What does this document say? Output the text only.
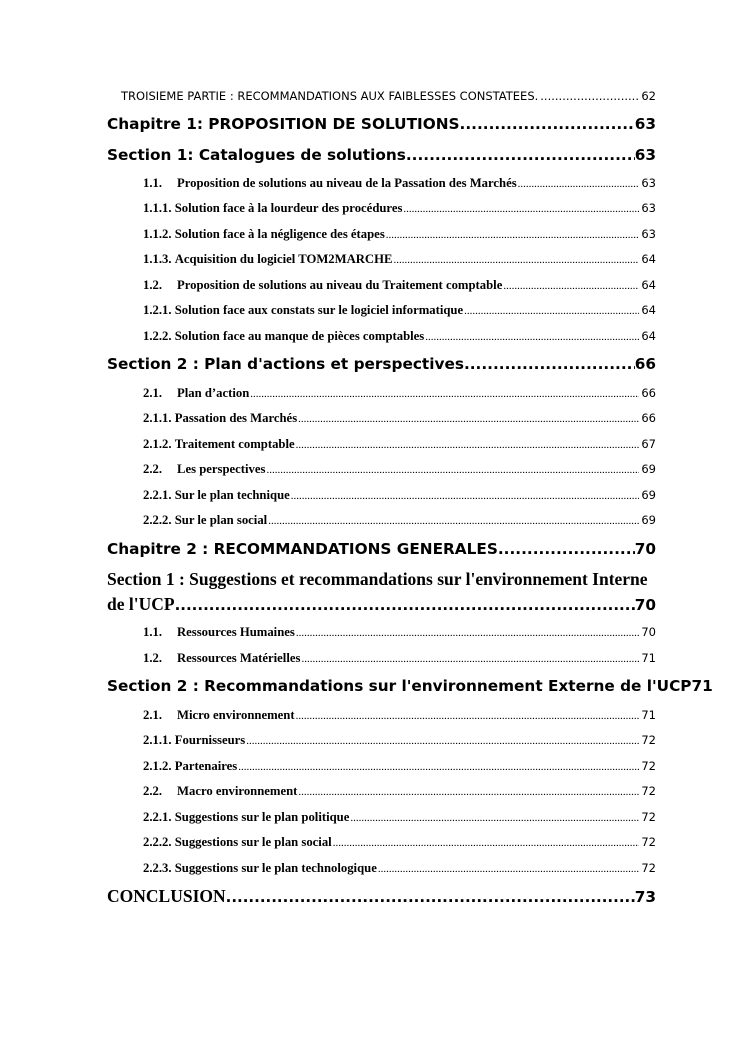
TROISIEME PARTIE : RECOMMANDATIONS AUX FAIBLESSES CONSTATEES. .....	62
Chapitre 1: PROPOSITION DE SOLUTIONS .....	63
Section 1: Catalogues de solutions .....	63
1.1. Proposition de solutions au niveau de la Passation des Marchés .....	63
1.1.1. Solution face à la lourdeur des procédures .....	63
1.1.2. Solution face à la négligence des étapes .....	63
1.1.3. Acquisition du logiciel TOM2MARCHE .....	64
1.2. Proposition de solutions au niveau du Traitement comptable .....	64
1.2.1. Solution face aux constats sur le logiciel informatique .....	64
1.2.2. Solution face au manque de pièces comptables .....	64
Section 2 : Plan d'actions et perspectives .....	66
2.1. Plan d’action .....	66
2.1.1. Passation des Marchés .....	66
2.1.2. Traitement comptable .....	67
2.2. Les perspectives .....	69
2.2.1. Sur le plan technique .....	69
2.2.2. Sur le plan social .....	69
Chapitre 2 : RECOMMANDATIONS GENERALES .....	70
Section 1 : Suggestions et recommandations sur l'environnement Interne
de l'UCP .....	70
1.1. Ressources Humaines .....	70
1.2. Ressources Matérielles .....	71
Section 2 : Recommandations sur l'environnement Externe de l'UCP 71
2.1. Micro environnement .....	71
2.1.1. Fournisseurs .....	72
2.1.2. Partenaires .....	72
2.2. Macro environnement .....	72
2.2.1. Suggestions sur le plan politique .....	72
2.2.2. Suggestions sur le plan social .....	72
2.2.3. Suggestions sur le plan technologique .....	72
CONCLUSION .....	73
